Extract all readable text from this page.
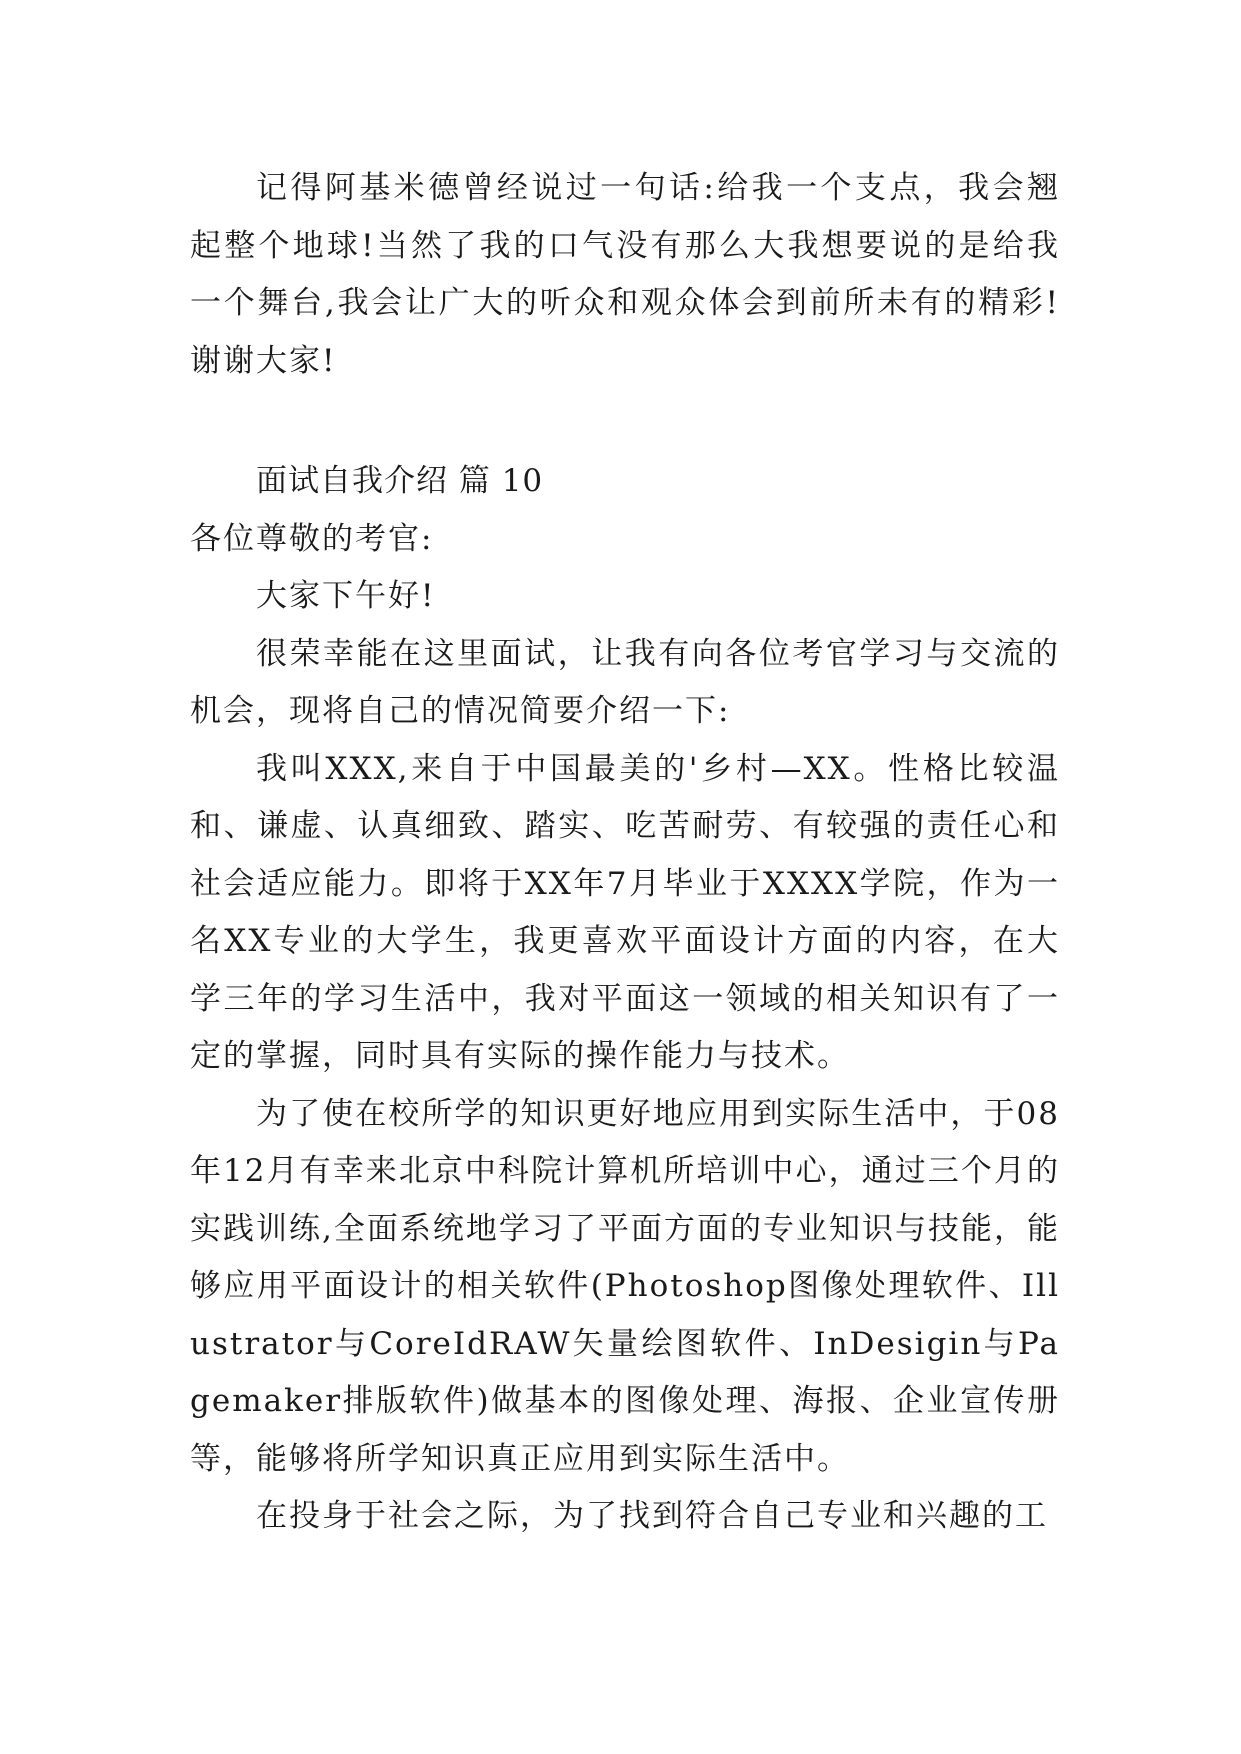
记得阿基米德曾经说过一句话:给我一个支点，我会翘起整个地球!当然了我的口气没有那么大我想要说的是给我一个舞台,我会让广大的听众和观众体会到前所未有的精彩!谢谢大家!

面试自我介绍 篇 10

各位尊敬的考官:

大家下午好!

很荣幸能在这里面试，让我有向各位考官学习与交流的机会，现将自己的情况简要介绍一下:

我叫XXX,来自于中国最美的'乡村—XX。性格比较温和、谦虚、认真细致、踏实、吃苦耐劳、有较强的责任心和社会适应能力。即将于XX年7月毕业于XXXX学院，作为一名XX专业的大学生，我更喜欢平面设计方面的内容，在大学三年的学习生活中，我对平面这一领域的相关知识有了一定的掌握，同时具有实际的操作能力与技术。

为了使在校所学的知识更好地应用到实际生活中，于08年12月有幸来北京中科院计算机所培训中心，通过三个月的实践训练,全面系统地学习了平面方面的专业知识与技能，能够应用平面设计的相关软件(Photoshop图像处理软件、Illustrator与CoreIdRAW矢量绘图软件、InDesigin与Pagemaker排版软件)做基本的图像处理、海报、企业宣传册等，能够将所学知识真正应用到实际生活中。

在投身于社会之际，为了找到符合自己专业和兴趣的工
